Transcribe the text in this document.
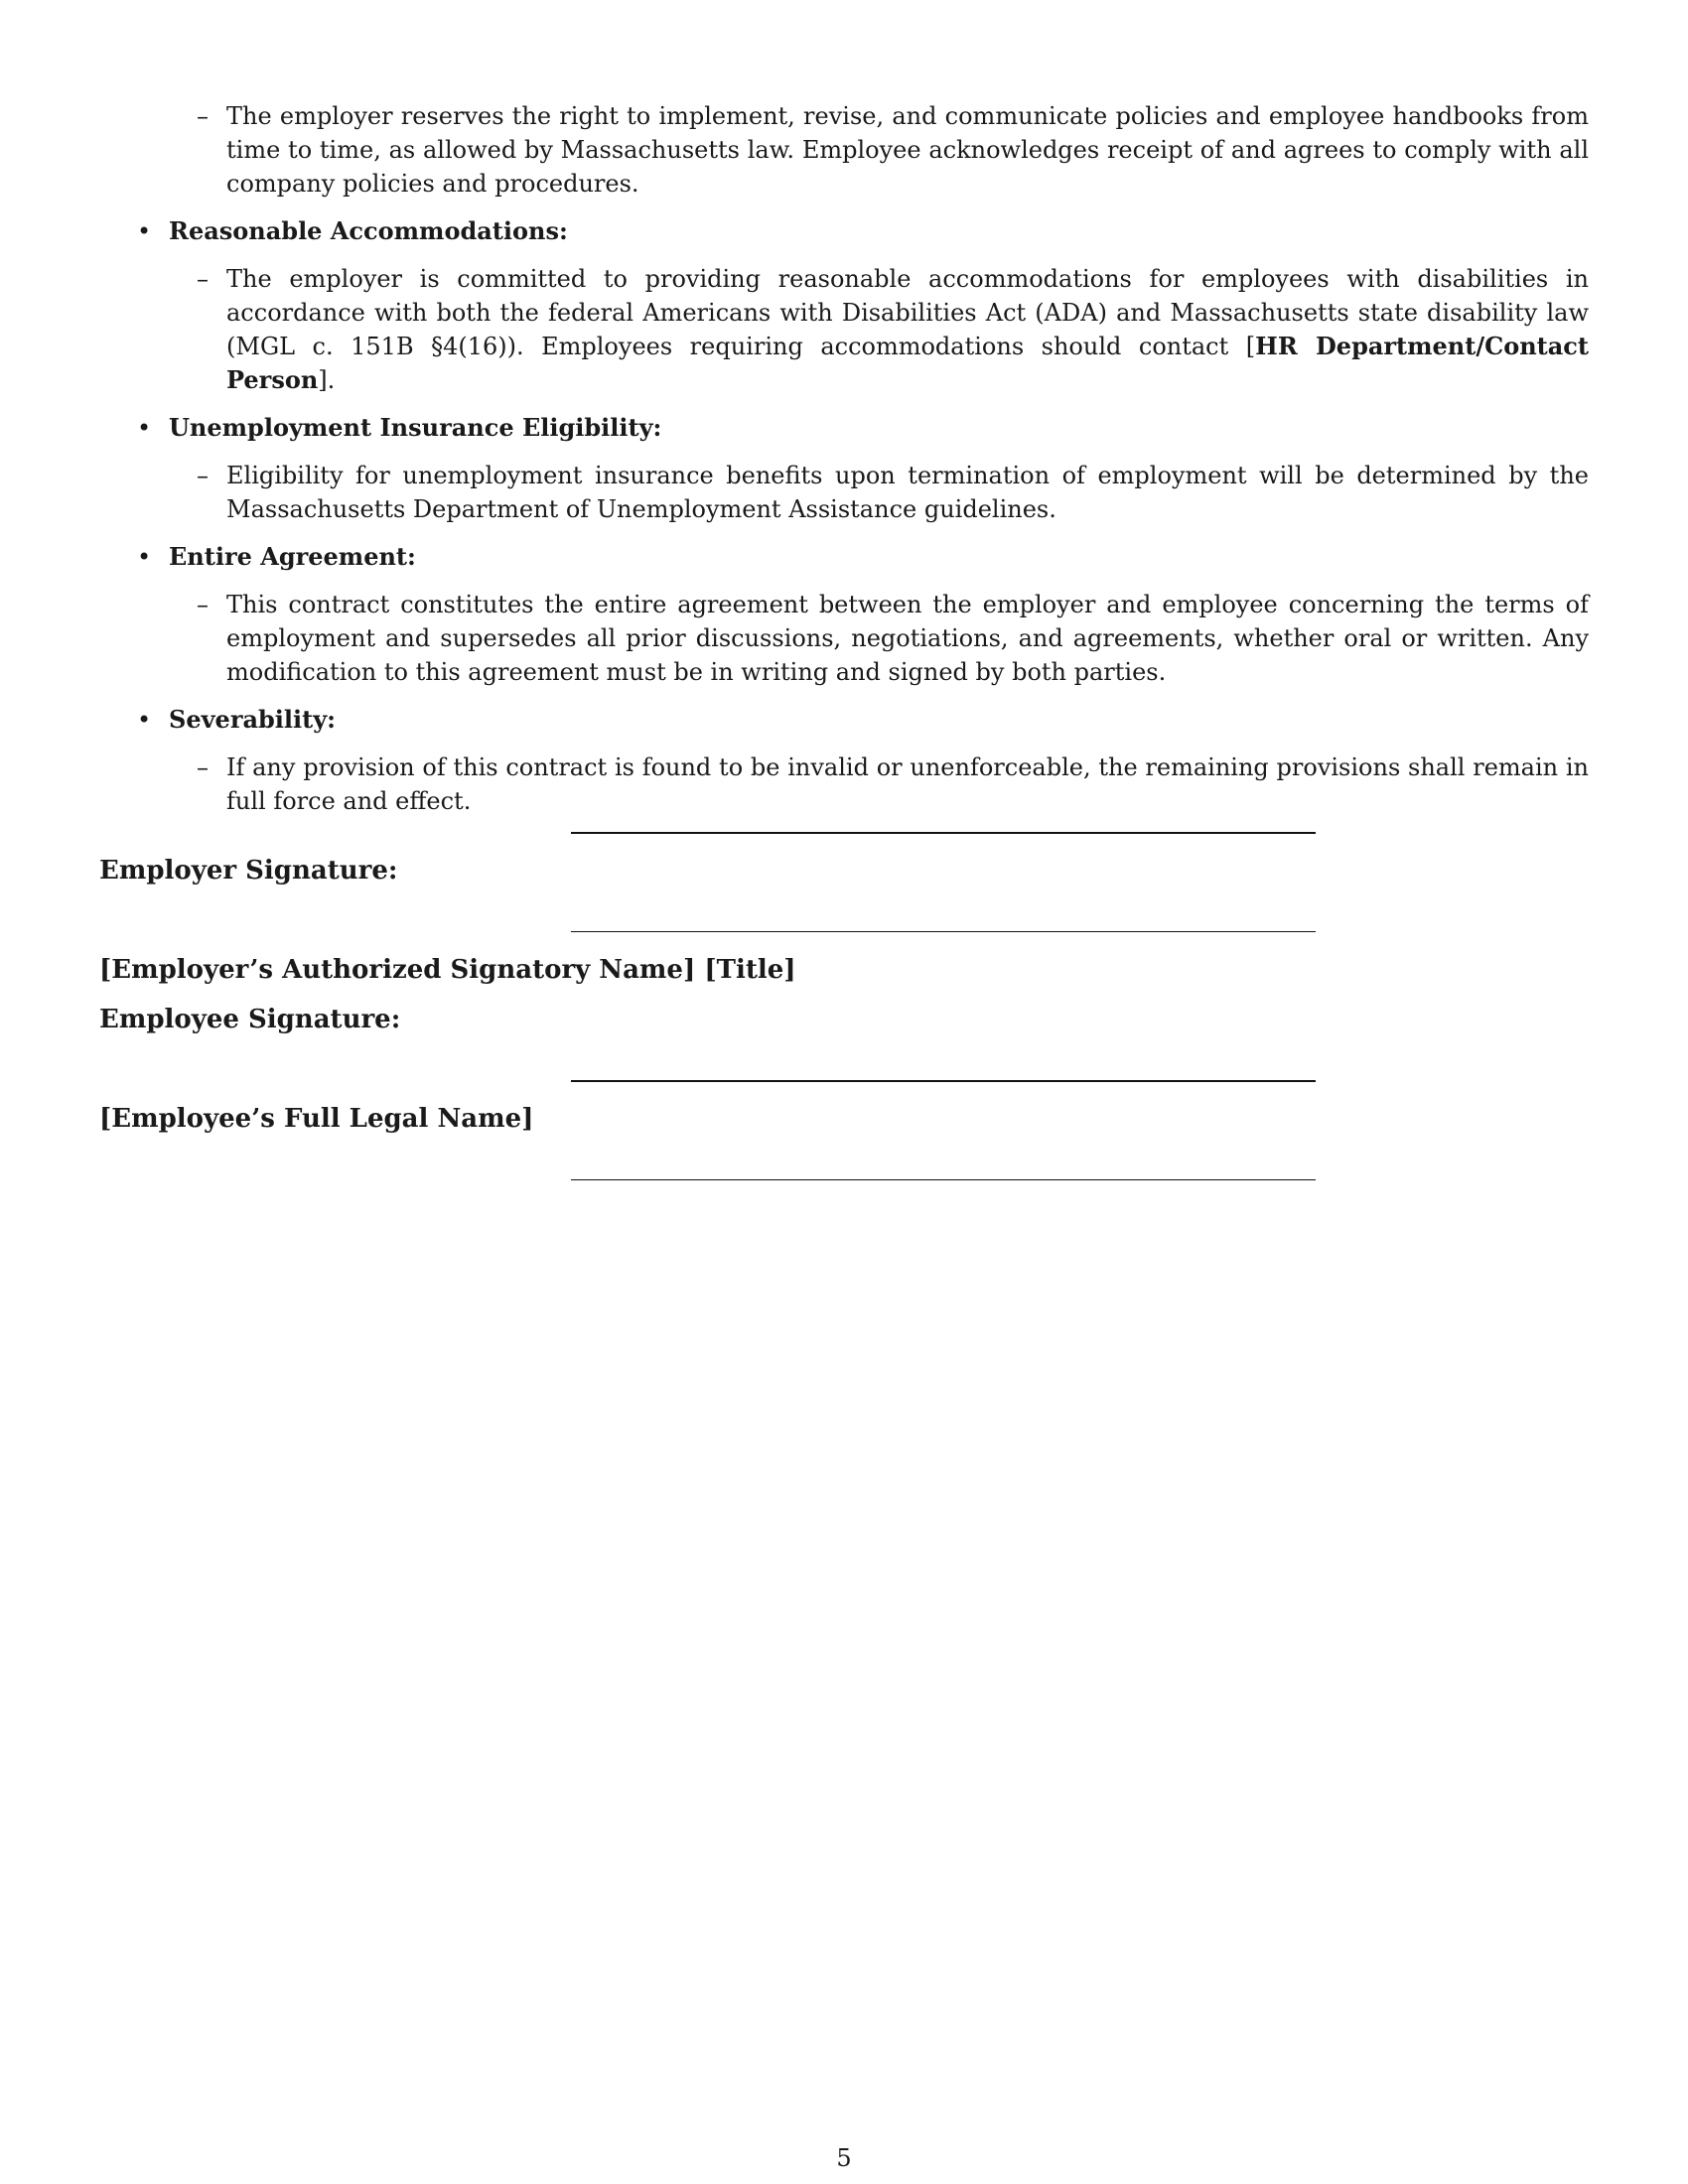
– The employer reserves the right to implement, revise, and communicate policies and employee handbooks from time to time, as allowed by Massachusetts law. Employee acknowledges receipt of and agrees to comply with all company policies and procedures.
• Reasonable Accommodations:
– The employer is committed to providing reasonable accommodations for employees with disabilities in accordance with both the federal Americans with Disabilities Act (ADA) and Massachusetts state disability law (MGL c. 151B §4(16)). Employees requiring accommodations should contact [HR Department/Contact Person].
• Unemployment Insurance Eligibility:
– Eligibility for unemployment insurance benefits upon termination of employment will be determined by the Massachusetts Department of Unemployment Assistance guidelines.
• Entire Agreement:
– This contract constitutes the entire agreement between the employer and employee concerning the terms of employment and supersedes all prior discussions, negotiations, and agreements, whether oral or written. Any modification to this agreement must be in writing and signed by both parties.
• Severability:
– If any provision of this contract is found to be invalid or unenforceable, the remaining provisions shall remain in full force and effect.
Employer Signature:
[Employer’s Authorized Signatory Name] [Title]
Employee Signature:
[Employee’s Full Legal Name]
5
